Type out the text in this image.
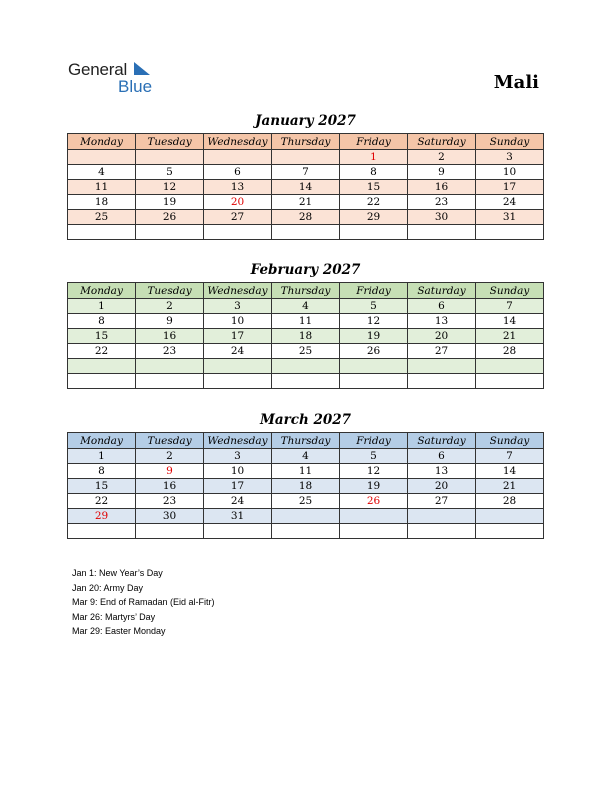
General
Blue	Mali
January 2027
Monday	Tuesday	Wednesday	Thursday	Friday	Saturday	Sunday
				1	2	3
4	5	6	7	8	9	10
11	12	13	14	15	16	17
18	19	20	21	22	23	24
25	26	27	28	29	30	31

February 2027
Monday	Tuesday	Wednesday	Thursday	Friday	Saturday	Sunday
1	2	3	4	5	6	7
8	9	10	11	12	13	14
15	16	17	18	19	20	21
22	23	24	25	26	27	28

March 2027
Monday	Tuesday	Wednesday	Thursday	Friday	Saturday	Sunday
1	2	3	4	5	6	7
8	9	10	11	12	13	14
15	16	17	18	19	20	21
22	23	24	25	26	27	28
29	30	31				

Jan 1: New Year’s Day
Jan 20: Army Day
Mar 9: End of Ramadan (Eid al-Fitr)
Mar 26: Martyrs’ Day
Mar 29: Easter Monday
